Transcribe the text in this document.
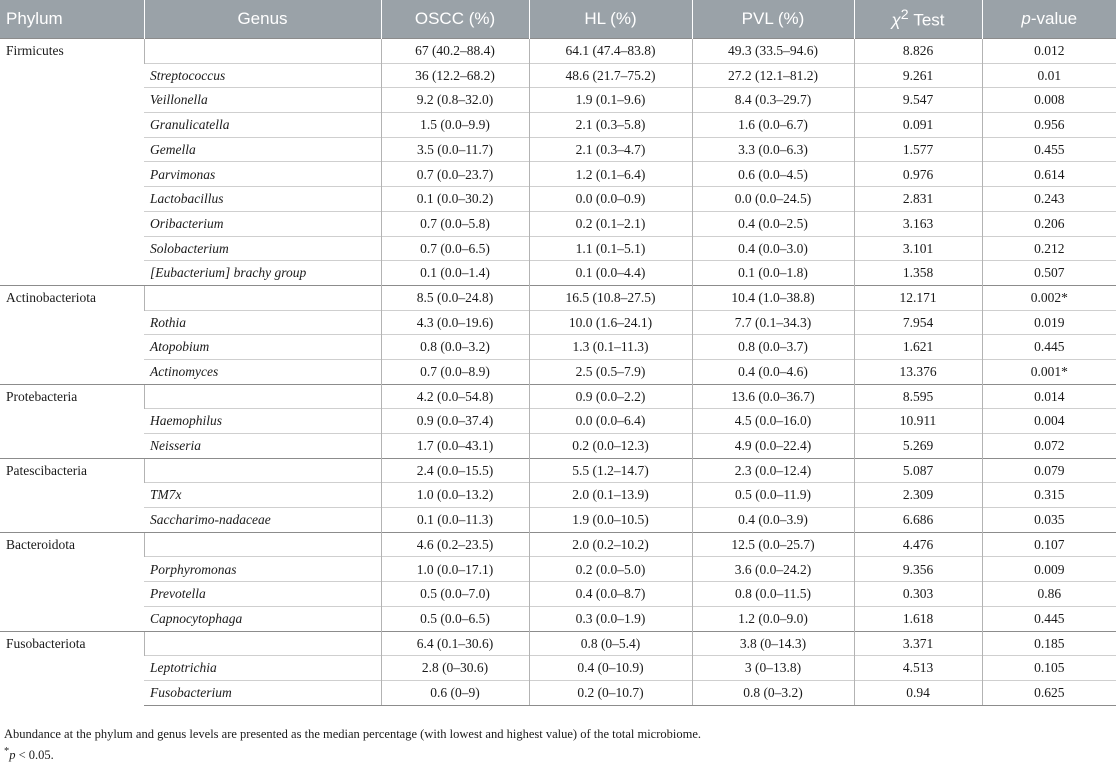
Phylum	Genus	OSCC (%)	HL (%)	PVL (%)	$\chi^2$ Test	p-value
Firmicutes		67 (40.2–88.4)	64.1 (47.4–83.8)	49.3 (33.5–94.6)	8.826	0.012
	Streptococcus	36 (12.2–68.2)	48.6 (21.7–75.2)	27.2 (12.1–81.2)	9.261	0.01
	Veillonella	9.2 (0.8–32.0)	1.9 (0.1–9.6)	8.4 (0.3–29.7)	9.547	0.008
	Granulicatella	1.5 (0.0–9.9)	2.1 (0.3–5.8)	1.6 (0.0–6.7)	0.091	0.956
	Gemella	3.5 (0.0–11.7)	2.1 (0.3–4.7)	3.3 (0.0–6.3)	1.577	0.455
	Parvimonas	0.7 (0.0–23.7)	1.2 (0.1–6.4)	0.6 (0.0–4.5)	0.976	0.614
	Lactobacillus	0.1 (0.0–30.2)	0.0 (0.0–0.9)	0.0 (0.0–24.5)	2.831	0.243
	Oribacterium	0.7 (0.0–5.8)	0.2 (0.1–2.1)	0.4 (0.0–2.5)	3.163	0.206
	Solobacterium	0.7 (0.0–6.5)	1.1 (0.1–5.1)	0.4 (0.0–3.0)	3.101	0.212
	[Eubacterium] brachy group	0.1 (0.0–1.4)	0.1 (0.0–4.4)	0.1 (0.0–1.8)	1.358	0.507
Actinobacteriota		8.5 (0.0–24.8)	16.5 (10.8–27.5)	10.4 (1.0–38.8)	12.171	0.002*
	Rothia	4.3 (0.0–19.6)	10.0 (1.6–24.1)	7.7 (0.1–34.3)	7.954	0.019
	Atopobium	0.8 (0.0–3.2)	1.3 (0.1–11.3)	0.8 (0.0–3.7)	1.621	0.445
	Actinomyces	0.7 (0.0–8.9)	2.5 (0.5–7.9)	0.4 (0.0–4.6)	13.376	0.001*
Protebacteria		4.2 (0.0–54.8)	0.9 (0.0–2.2)	13.6 (0.0–36.7)	8.595	0.014
	Haemophilus	0.9 (0.0–37.4)	0.0 (0.0–6.4)	4.5 (0.0–16.0)	10.911	0.004
	Neisseria	1.7 (0.0–43.1)	0.2 (0.0–12.3)	4.9 (0.0–22.4)	5.269	0.072
Patescibacteria		2.4 (0.0–15.5)	5.5 (1.2–14.7)	2.3 (0.0–12.4)	5.087	0.079
	TM7x	1.0 (0.0–13.2)	2.0 (0.1–13.9)	0.5 (0.0–11.9)	2.309	0.315
	Saccharimo-nadaceae	0.1 (0.0–11.3)	1.9 (0.0–10.5)	0.4 (0.0–3.9)	6.686	0.035
Bacteroidota		4.6 (0.2–23.5)	2.0 (0.2–10.2)	12.5 (0.0–25.7)	4.476	0.107
	Porphyromonas	1.0 (0.0–17.1)	0.2 (0.0–5.0)	3.6 (0.0–24.2)	9.356	0.009
	Prevotella	0.5 (0.0–7.0)	0.4 (0.0–8.7)	0.8 (0.0–11.5)	0.303	0.86
	Capnocytophaga	0.5 (0.0–6.5)	0.3 (0.0–1.9)	1.2 (0.0–9.0)	1.618	0.445
Fusobacteriota		6.4 (0.1–30.6)	0.8 (0–5.4)	3.8 (0–14.3)	3.371	0.185
	Leptotrichia	2.8 (0–30.6)	0.4 (0–10.9)	3 (0–13.8)	4.513	0.105
	Fusobacterium	0.6 (0–9)	0.2 (0–10.7)	0.8 (0–3.2)	0.94	0.625
Abundance at the phylum and genus levels are presented as the median percentage (with lowest and highest value) of the total microbiome.
*p < 0.05.
